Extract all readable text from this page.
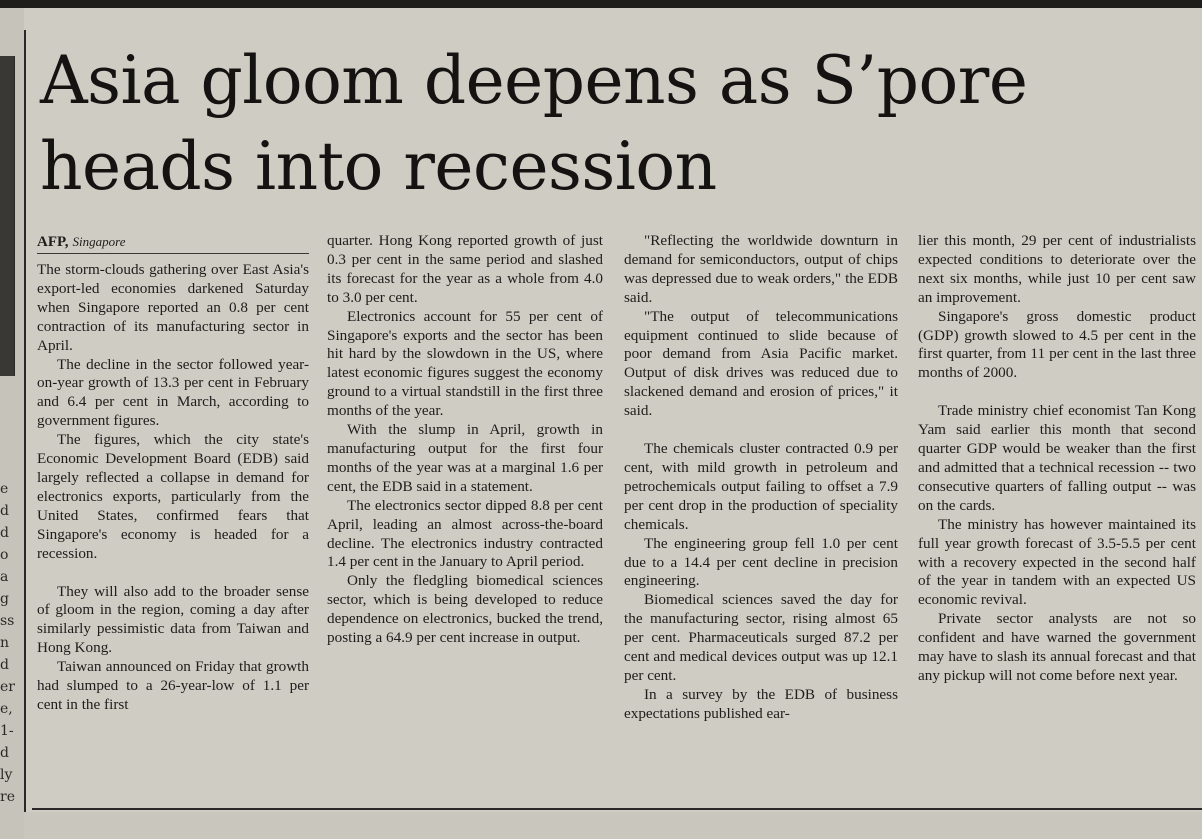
e
d
d
o
a
g
ss
n
d
er
e,
1-
d
ly
re
Asia gloom deepens as S’pore
heads into recession
AFP, Singapore

The storm-clouds gathering over East Asia's export-led economies darkened Saturday when Singapore reported an 0.8 per cent contraction of its manufacturing sector in April.

The decline in the sector followed year-on-year growth of 13.3 per cent in February and 6.4 per cent in March, according to government figures.

The figures, which the city state's Economic Development Board (EDB) said largely reflected a collapse in demand for electronics exports, particularly from the United States, confirmed fears that Singapore's economy is headed for a recession.

They will also add to the broader sense of gloom in the region, coming a day after similarly pessimistic data from Taiwan and Hong Kong.

Taiwan announced on Friday that growth had slumped to a 26-year-low of 1.1 per cent in the first

quarter. Hong Kong reported growth of just 0.3 per cent in the same period and slashed its forecast for the year as a whole from 4.0 to 3.0 per cent.

Electronics account for 55 per cent of Singapore's exports and the sector has been hit hard by the slowdown in the US, where latest economic figures suggest the economy ground to a virtual standstill in the first three months of the year.

With the slump in April, growth in manufacturing output for the first four months of the year was at a marginal 1.6 per cent, the EDB said in a statement.

The electronics sector dipped 8.8 per cent April, leading an almost across-the-board decline. The electronics industry contracted 1.4 per cent in the January to April period.

Only the fledgling biomedical sciences sector, which is being developed to reduce dependence on electronics, bucked the trend, posting a 64.9 per cent increase in output.

"Reflecting the worldwide downturn in demand for semiconductors, output of chips was depressed due to weak orders," the EDB said.

"The output of telecommunications equipment continued to slide because of poor demand from Asia Pacific market. Output of disk drives was reduced due to slackened demand and erosion of prices," it said.

The chemicals cluster contracted 0.9 per cent, with mild growth in petroleum and petrochemicals output failing to offset a 7.9 per cent drop in the production of speciality chemicals.

The engineering group fell 1.0 per cent due to a 14.4 per cent decline in precision engineering.

Biomedical sciences saved the day for the manufacturing sector, rising almost 65 per cent. Pharmaceuticals surged 87.2 per cent and medical devices output was up 12.1 per cent.

In a survey by the EDB of business expectations published ear-

lier this month, 29 per cent of industrialists expected conditions to deteriorate over the next six months, while just 10 per cent saw an improvement.

Singapore's gross domestic product (GDP) growth slowed to 4.5 per cent in the first quarter, from 11 per cent in the last three months of 2000.

Trade ministry chief economist Tan Kong Yam said earlier this month that second quarter GDP would be weaker than the first and admitted that a technical recession -- two consecutive quarters of falling output -- was on the cards.

The ministry has however maintained its full year growth forecast of 3.5-5.5 per cent with a recovery expected in the second half of the year in tandem with an expected US economic revival.

Private sector analysts are not so confident and have warned the government may have to slash its annual forecast and that any pickup will not come before next year.
